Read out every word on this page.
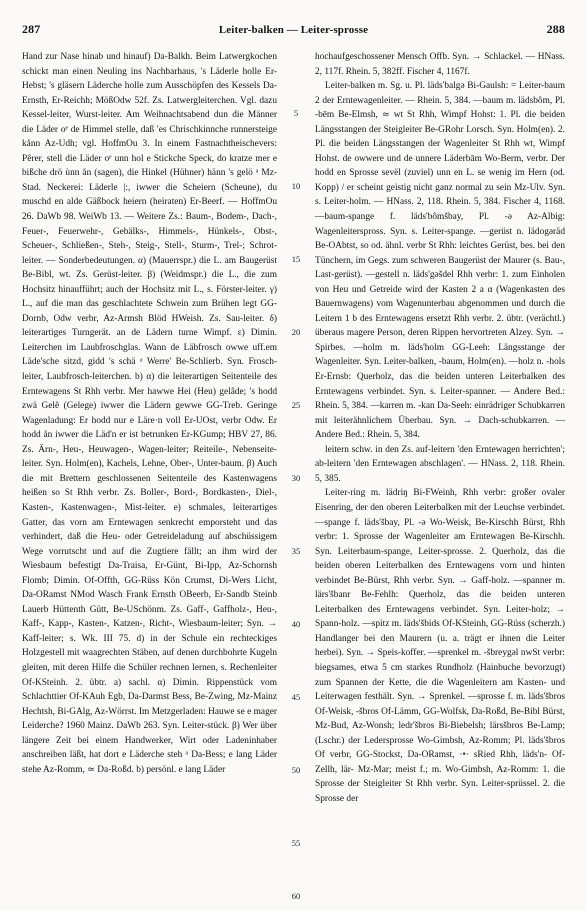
287	Leiter-balken — Leiter-sprosse	288

Hand zur Nase hinab und hinauf) Da-Balkh. Beim Latwergkochen schickt man einen Neuling ins Nachbarhaus, 's Läderle holle Er-Hebst; 's gläsern Läderche holle zum Ausschöpfen des Kessels Da-Ernsth, Er-Reichh; MößOdw 52f. Zs. Latwergleiterchen. Vgl. dazu Kessel-leiter, Wurst-leiter. Am Weihnachtsabend dun die Männer die Läder oᵉ de Himmel stelle, daß 'es Chrischkinnche runnersteige kånn Az-Udh; vgl. HoffmOu 3. In einem Fastnachtheischevers: Pêrer, stell die Läder oᵉ unn hol e Stickche Speck, do kratze mer e bißche drö ùnn ån (sagen), die Hinkel (Hühner) hänn 's gelö ᵃ Mz-Stad. Neckerei: Läderle |:, iwwer die Scheiern (Scheune), du muschd en alde Gäßbock heiern (heiraten) Er-Beerf. — HoffmOu 26. DaWb 98. WeiWb 13. — Weitere Zs.: Baum-, Bodem-, Dach-, Feuer-, Feuerwehr-, Gebälks-, Himmels-, Hünkels-, Obst-, Scheuer-, Schließen-, Steh-, Steig-, Stell-, Sturm-, Trel-; Schrot-leiter. — Sonderbedeutungen. α) (Mauerrspr.) die L. am Baugerüst Be-Bibl, wt. Zs. Gerüst-leiter. β) (Weidmspr.) die L., die zum Hochsitz hinaufführt; auch der Hochsitz mit L., s. Förster-leiter. γ) L., auf die man das geschlachtete Schwein zum Brühen legt GG-Dornb, Odw verbr, Az-Armsh Blöd HWeish. Zs. Sau-leiter. δ) leiterartiges Turngerät. an de Lädern turne Wimpf. ε) Dimin. Leiterchen im Laubfroschglas. Wann de Läbfrosch owwe uff.em Läde'sche sitzd, gidd 's schä ᵃ Werre' Be-Schlierb. Syn. Frosch-leiter, Laubfrosch-leiterchen. b) α) die leiterartigen Seitenteile des Erntewagens St Rhh verbr. Mer hawwe Hei (Heu) gelâde; 's hodd zwä Gelê (Gelege) iwwer die Lädern gewwe GG-Treb. Geringe Wagenladung: Er hodd nur e Läre·n voll Er-UOst, verbr Odw. Er hodd ån iwwer die Läd'n er ist betrunken Er-KGump; HBV 27, 86. Zs. Ärn-, Heu-, Heuwagen-, Wagen-leiter; Reiteile-, Nebenseite-leiter. Syn. Holm(en), Kachels, Lehne, Ober-, Unter-baum. β) Auch die mit Brettern geschlossenen Seitenteile des Kastenwagens heißen so St Rhh verbr. Zs. Boller-, Bord-, Bordkasten-, Diel-, Kasten-, Kastenwagen-, Mist-leiter. e) schmales, leiterartiges Gatter, das vorn am Erntewagen senkrecht emporsteht und das verhindert, daß die Heu- oder Getreideladung auf abschüssigem Wege vorrutscht und auf die Zugtiere fällt; an ihm wird der Wiesbaum befestigt Da-Traisa, Er-Günt, Bi-Ipp, Az-Schornsh Flomb; Dimin. Of-Offth, GG-Rüss Kön Crumst, Di-Wers Licht, Da-ORamst NMod Wasch Frank Ernsth OBeerb, Er-Sandb Steinb Lauerb Hüttenth Gütt, Be-USchönm. Zs. Gaff-, Gaffholz-, Heu-, Kaff-, Kapp-, Kasten-, Katzen-, Richt-, Wiesbaum-leiter; Syn. → Kaff-leiter; s. Wk. III 75. d) in der Schule ein rechteckiges Holzgestell mit waagrechten Stäben, auf denen durchbohrte Kugeln gleiten, mit deren Hilfe die Schüler rechnen lernen, s. Rechenleiter Of-KSteinh. 2. übtr. a) sachl. α) Dimin. Rippenstück vom Schlachttier Of-KAuh Egb, Da-Darmst Bess, Be-Zwing, Mz-Mainz Hechtsh, Bi-GAlg, Az-Wörrst. Im Metzgerladen: Hauwe se e mager Leiderche? 1960 Mainz. DaWb 263. Syn. Leiter-stück. β) Wer über längere Zeit bei einem Handwerker, Wirt oder Ladeninhaber anschreiben läßt, hat dort e Läderche steh ᵃ Da-Bess; e lang Läder stehe Az-Romm, ≃ Da-Roßd. b) persönl. e lang Läder

5
10
15
20
25
30
35
40
45
50
55
60

hochaufgeschossener Mensch Offb. Syn. → Schlackel. — HNass. 2, 117f. Rhein. 5, 382ff. Fischer 4, 1167f.

Leiter-balken m. Sg. u. Pl. läds'balgə Bi-Gaulsh: = Leiter-baum 2 der Erntewagenleiter. — Rhein. 5, 384. —baum m. lädsbôm, Pl. -bēm Be-Elmsh, ≃ wt St Rhh, Wimpf Hohst: 1. Pl. die beiden Längsstangen der Steigleiter Be-GRohr Lorsch. Syn. Holm(en). 2. Pl. die beiden Längsstangen der Wagenleiter St Rhh wt, Wimpf Hohst. de owwere und de unnere Läderbām Wo-Berm, verbr. Der hodd en Sprosse sevël (zuviel) unn en L. se wenig im Hern (od. Kopp) / er scheint geistig nicht ganz normal zu sein Mz-Ulv. Syn. s. Leiter-holm. — HNass. 2, 118. Rhein. 5, 384. Fischer 4, 1168. —baum-spange f. läds'bômšbay, Pl. -ə Az-Albig: Wagenleiterspross. Syn. s. Leiter-spange. —gerüst n. lädogəräd Be-OAbtst, so od. ähnl. verbr St Rhh: leichtes Gerüst, bes. bei den Tünchern, im Gegs. zum schweren Baugerüst der Maurer (s. Bau-, Last-gerüst). —gestell n. läds'gəšdel Rhh verbr: 1. zum Einholen von Heu und Getreide wird der Kasten 2 a α (Wagenkasten des Bauernwagens) vom Wagenunterbau abgenommen und durch die Leitern 1 b des Erntewagens ersetzt Rhh verbr. 2. übtr. (verächtl.) überaus magere Person, deren Rippen hervortreten Alzey. Syn. → Spirbes. —holm m. läds'holm GG-Leeh: Längsstange der Wagenleiter. Syn. Leiter-balken, -baum, Holm(en). —holz n. -hols Er-Ernsb: Querholz, das die beiden unteren Leiterbalken des Erntewagens verbindet. Syn. s. Leiter-spanner. — Andere Bed.: Rhein. 5, 384. —karren m. -kan Da-Seeh: einrädriger Schubkarren mit leiterähnlichem Überbau. Syn. → Dach-schubkarren. — Andere Bed.: Rhein. 5, 384.

leitern schw. in den Zs. auf-leitern 'den Erntewagen herrichten'; ab-leitern 'den Erntewagen abschlagen'. — HNass. 2, 118. Rhein. 5, 385.

Leiter-ring m. lädriŋ Bi-FWeinh, Rhh verbr: großer ovaler Eisenring, der den oberen Leiterbalken mit der Leuchse verbindet. —spange f. läds'šbay, Pl. -ə Wo-Weisk, Be-Kirschh Bürst, Rhh verbr: 1. Sprosse der Wagenleiter am Erntewagen Be-Kirschh. Syn. Leiterbaum-spange, Leiter-sprosse. 2. Querholz, das die beiden oberen Leiterbalken des Erntewagens vorn und hinten verbindet Be-Bürst, Rhh verbr. Syn. → Gaff-holz. —spanner m. lärs'šbanr Be-Fehlh: Querholz, das die beiden unteren Leiterbalken des Erntewagens verbindet. Syn. Leiter-holz; → Spann-holz. —spitz m. läds'šbids Of-KSteinh, GG-Rüss (scherzh.) Handlanger bei den Maurern (u. a. trägt er ihnen die Leiter herbei). Syn. → Speis-koffer. —sprenkel m. -šbreygəl nwSt verbr: biegsames, etwa 5 cm starkes Rundholz (Hainbuche bevorzugt) zum Spannen der Kette, die die Wagenleitern am Kasten- und Leiterwagen festhält. Syn. → Sprenkel. —sprosse f. m. läds'šbros Of-Weisk, -šbros Of-Lämm, GG-Wolfsk, Da-Roßd, Be-Bibl Bürst, Mz-Bud, Az-Wonsh; ledr'šbros Bi-Biebelsh; lärsšbros Be-Lamp; (Lschr.) der Ledersprosse Wo-Gimbsh, Az-Romm; Pl. läds'šbros Of verbr, GG-Stockst, Da-ORamst, ·•· sRied Rhh, läds'n- Of-Zellh, lär- Mz-Mar; meist f.; m. Wo-Gimbsh, Az-Romm: 1. die Sprosse der Steigleiter St Rhh verbr. Syn. Leiter-sprüssel. 2. die Sprosse der
